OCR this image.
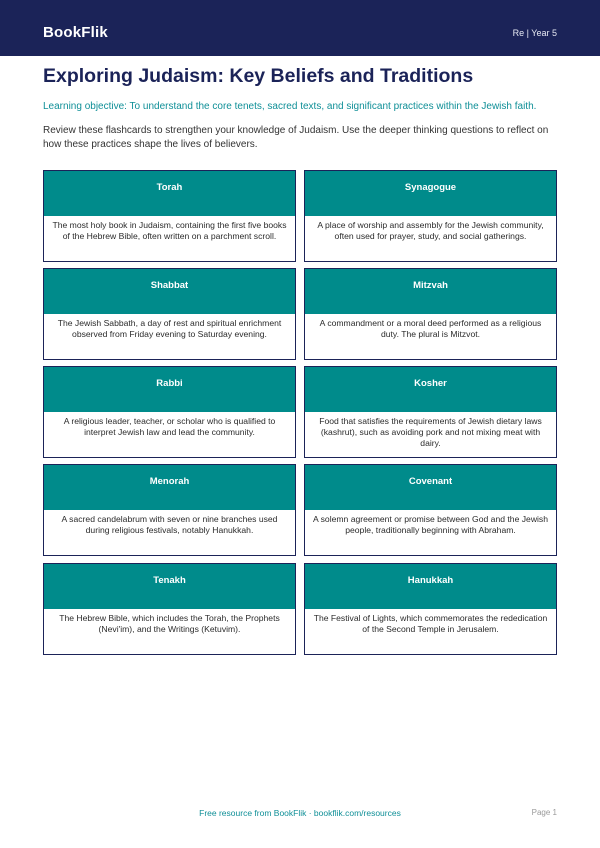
BookFlik	Re | Year 5
Exploring Judaism: Key Beliefs and Traditions
Learning objective: To understand the core tenets, sacred texts, and significant practices within the Jewish faith.
Review these flashcards to strengthen your knowledge of Judaism. Use the deeper thinking questions to reflect on how these practices shape the lives of believers.
Torah
The most holy book in Judaism, containing the first five books of the Hebrew Bible, often written on a parchment scroll.
Synagogue
A place of worship and assembly for the Jewish community, often used for prayer, study, and social gatherings.
Shabbat
The Jewish Sabbath, a day of rest and spiritual enrichment observed from Friday evening to Saturday evening.
Mitzvah
A commandment or a moral deed performed as a religious duty. The plural is Mitzvot.
Rabbi
A religious leader, teacher, or scholar who is qualified to interpret Jewish law and lead the community.
Kosher
Food that satisfies the requirements of Jewish dietary laws (kashrut), such as avoiding pork and not mixing meat with dairy.
Menorah
A sacred candelabrum with seven or nine branches used during religious festivals, notably Hanukkah.
Covenant
A solemn agreement or promise between God and the Jewish people, traditionally beginning with Abraham.
Tenakh
The Hebrew Bible, which includes the Torah, the Prophets (Nevi'im), and the Writings (Ketuvim).
Hanukkah
The Festival of Lights, which commemorates the rededication of the Second Temple in Jerusalem.
Free resource from BookFlik · bookflik.com/resources	Page 1
